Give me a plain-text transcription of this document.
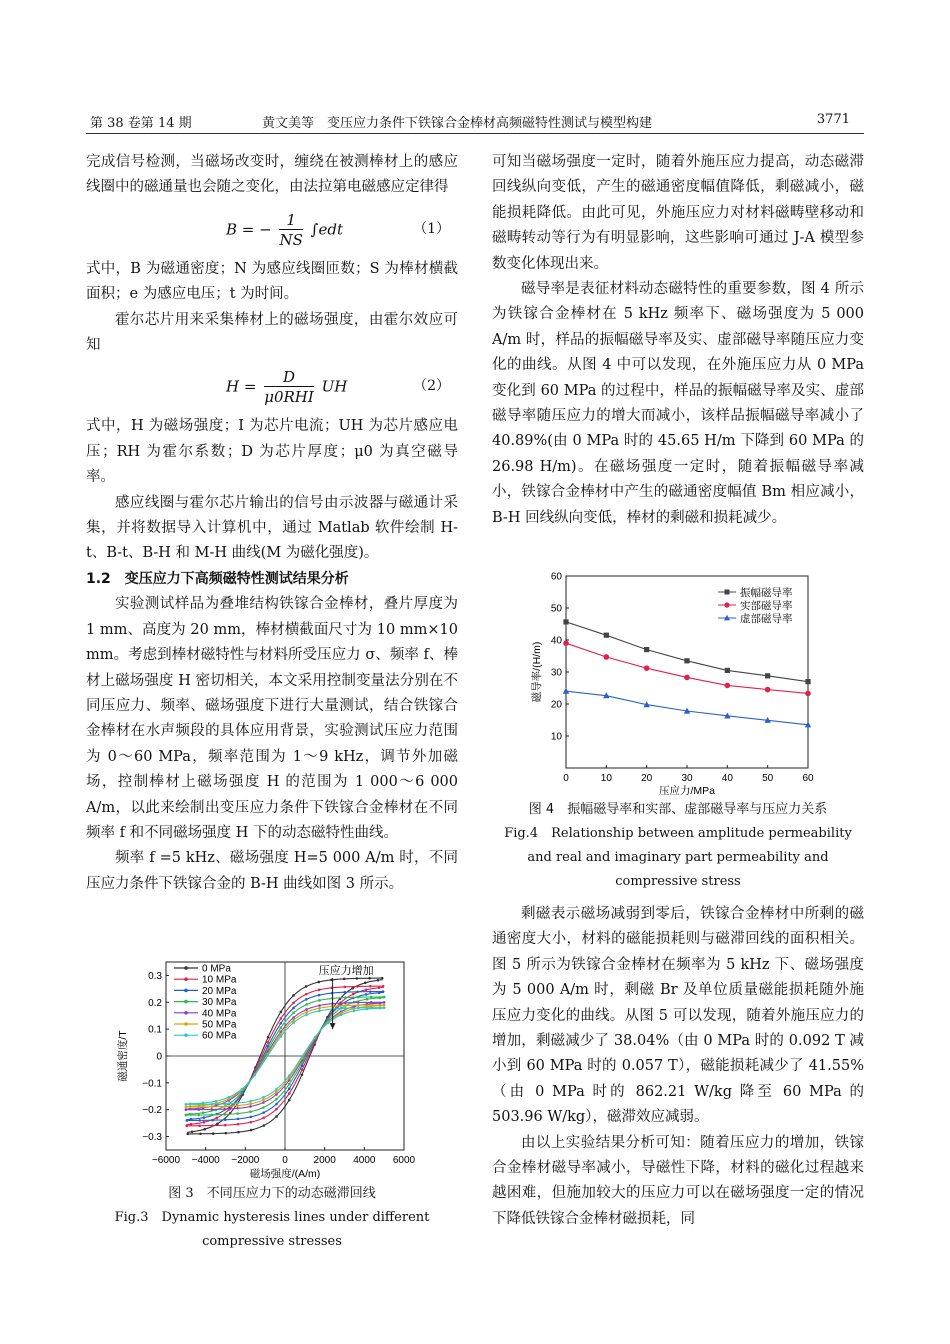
第 38 卷第 14 期	黄文美等　变压应力条件下铁镓合金棒材高频磁特性测试与模型构建	3771

完成信号检测，当磁场改变时，缠绕在被测棒材上的感应线圈中的磁通量也会随之变化，由法拉第电磁感应定律得

B = − $\frac{1}{NS} \int edt$	（1）

式中，B 为磁通密度；N 为感应线圈匝数；S 为棒材横截面积；e 为感应电压；t 为时间。

霍尔芯片用来采集棒材上的磁场强度，由霍尔效应可知

$H = \frac{D}{\text{μ0RHI}}$ UH	（2）

式中，H 为磁场强度；I 为芯片电流；UH 为芯片感应电压；RH 为霍尔系数；D 为芯片厚度；μ0 为真空磁导率。

感应线圈与霍尔芯片输出的信号由示波器与磁通计采集，并将数据导入计算机中，通过 Matlab 软件绘制 H-t、B-t、B-H 和 M-H 曲线(M 为磁化强度)。

1.2　变压应力下高频磁特性测试结果分析

实验测试样品为叠堆结构铁镓合金棒材，叠片厚度为 1 mm、高度为 20 mm，棒材横截面尺寸为 10 mm×10 mm。考虑到棒材磁特性与材料所受压应力 σ、频率 f、棒材上磁场强度 H 密切相关，本文采用控制变量法分别在不同压应力、频率、磁场强度下进行大量测试，结合铁镓合金棒材在水声频段的具体应用背景，实验测试压应力范围为 0～60 MPa，频率范围为 1～9 kHz，调节外加磁场，控制棒材上磁场强度 H 的范围为 1 000～6 000 A/m，以此来绘制出变压应力条件下铁镓合金棒材在不同频率 f 和不同磁场强度 H 下的动态磁特性曲线。

频率 f =5 kHz、磁场强度 H=5 000 A/m 时，不同压应力条件下铁镓合金的 B-H 曲线如图 3 所示。

−6000 −4000 −2000 0	2000 4000 6000
0.3
0.2
0.1
0
−0.1
−0.2
−0.3
磁场强度/(A/m)
磁通密度/T
0 MPa
10 MPa
20 MPa
30 MPa
40 MPa
50 MPa
60 MPa
压应力增加
图 3　不同压应力下的动态磁滞回线
Fig.3　Dynamic hysteresis lines under different
compressive stresses

可知当磁场强度一定时，随着外施压应力提高，动态磁滞回线纵向变低，产生的磁通密度幅值降低，剩磁减小，磁能损耗降低。由此可见，外施压应力对材料磁畴壁移动和磁畴转动等行为有明显影响，这些影响可通过 J-A 模型参数变化体现出来。

磁导率是表征材料动态磁特性的重要参数，图 4 所示为铁镓合金棒材在 5 kHz 频率下、磁场强度为 5 000 A/m 时，样品的振幅磁导率及实、虚部磁导率随压应力变化的曲线。从图 4 中可以发现，在外施压应力从 0 MPa 变化到 60 MPa 的过程中，样品的振幅磁导率及实、虚部磁导率随压应力的增大而减小，该样品振幅磁导率减小了 40.89%(由 0 MPa 时的 45.65 H/m 下降到 60 MPa 的 26.98 H/m)。在磁场强度一定时，随着振幅磁导率减小，铁镓合金棒材中产生的磁通密度幅值 Bm 相应减小，B-H 回线纵向变低，棒材的剩磁和损耗减少。

0	10	20	30	40	50	60
10
20
30
40
50
60
压应力/MPa
磁导率/(H/m)
振幅磁导率
实部磁导率
虚部磁导率
图 4　振幅磁导率和实部、虚部磁导率与压应力关系
Fig.4　Relationship between amplitude permeability
and real and imaginary part permeability and
compressive stress

剩磁表示磁场减弱到零后，铁镓合金棒材中所剩的磁通密度大小，材料的磁能损耗则与磁滞回线的面积相关。图 5 所示为铁镓合金棒材在频率为 5 kHz 下、磁场强度为 5 000 A/m 时，剩磁 Br 及单位质量磁能损耗随外施压应力变化的曲线。从图 5 可以发现，随着外施压应力的增加，剩磁减少了 38.04%（由 0 MPa 时的 0.092 T 减小到 60 MPa 时的 0.057 T），磁能损耗减少了 41.55%（由 0 MPa 时的 862.21 W/kg 降至 60 MPa 的 503.96 W/kg），磁滞效应减弱。

由以上实验结果分析可知：随着压应力的增加，铁镓合金棒材磁导率减小，导磁性下降，材料的磁化过程越来越困难，但施加较大的压应力可以在磁场强度一定的情况下降低铁镓合金棒材磁损耗，同
